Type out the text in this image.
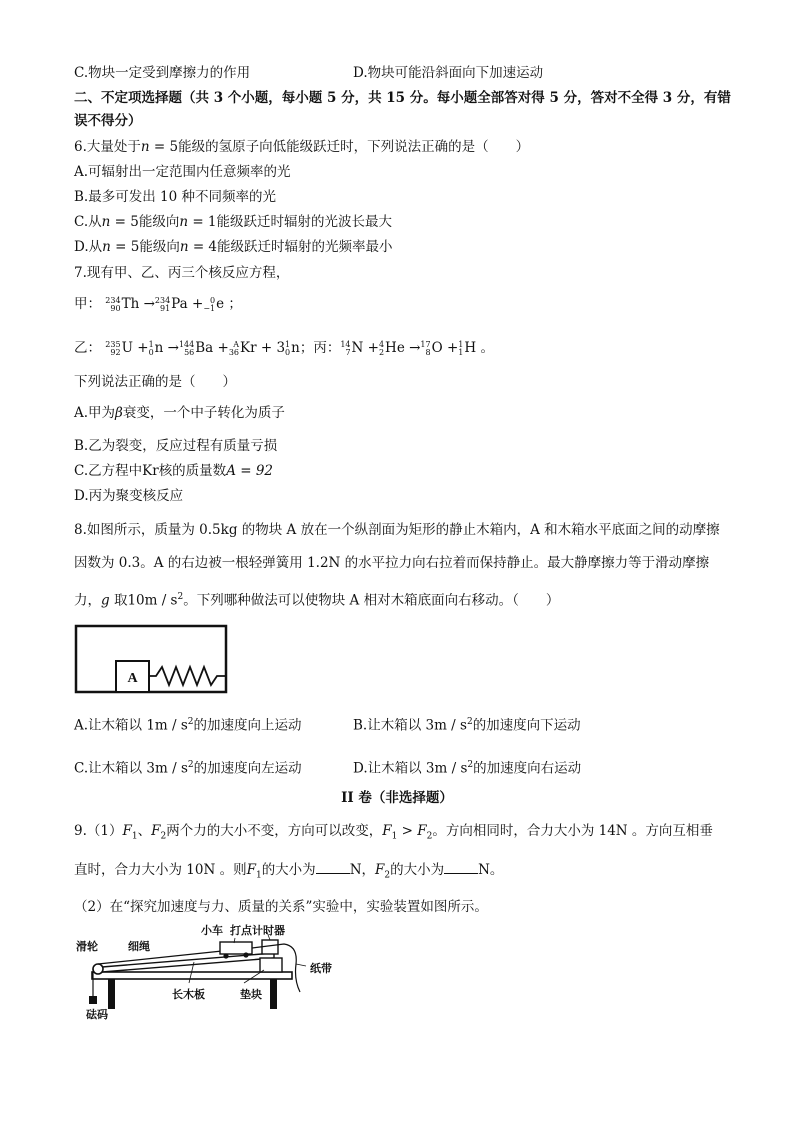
C.物块一定受到摩擦力的作用	D.物块可能沿斜面向下加速运动
二、不定项选择题（共 3 个小题，每小题 5 分，共 15 分。每小题全部答对得 5 分，答对不全得 3 分，有错
误不得分）
6.大量处于n = 5能级的氢原子向低能级跃迁时，下列说法正确的是（　　）
A.可辐射出一定范围内任意频率的光
B.最多可发出 10 种不同频率的光
C.从n = 5能级向n = 1能级跃迁时辐射的光波长最大
D.从n = 5能级向n = 4能级跃迁时辐射的光频率最小
7.现有甲、乙、丙三个核反应方程，
甲： 234
90 Th → 234
91 Pa + 0
−1 e ；
乙： 235
92 U + 1
0 n → 144
56 Ba + A
36 Kr + 3 1
0 n；丙： 14
7 N + 4
2 He → 17
8 O + 1
1 H 。
下列说法正确的是（　　）
A.甲为β衰变，一个中子转化为质子
B.乙为裂变，反应过程有质量亏损
C.乙方程中Kr核的质量数A = 92
D.丙为聚变核反应
8.如图所示，质量为 0.5kg 的物块 A 放在一个纵剖面为矩形的静止木箱内，A 和木箱水平底面之间的动摩擦
因数为 0.3。A 的右边被一根轻弹簧用 1.2N 的水平拉力向右拉着而保持静止。最大静摩擦力等于滑动摩擦
力，g 取$10m / s^2$。下列哪种做法可以使物块 A 相对木箱底面向右移动。（　　）
A
A.让木箱以 $1m / s^2$的加速度向上运动	B.让木箱以 $3m / s^2$的加速度向下运动
C.让木箱以 $3m / s^2$的加速度向左运动	D.让木箱以 $3m / s^2$的加速度向右运动
II 卷（非选择题）
$9.(1)F_1$、$F_2$两个力的大小不变，方向可以改变，$F_1 > F_2$。方向相同时，合力大小为 14N 。方向互相垂
直时，合力大小为 10N 。则$F_1$的大小为	N，$F_2$的大小为	N。
（2）在“探究加速度与力、质量的关系”实验中，实验装置如图所示。
滑轮	细绳
小车 打点计时器
纸带
长木板	垫块
砝码
